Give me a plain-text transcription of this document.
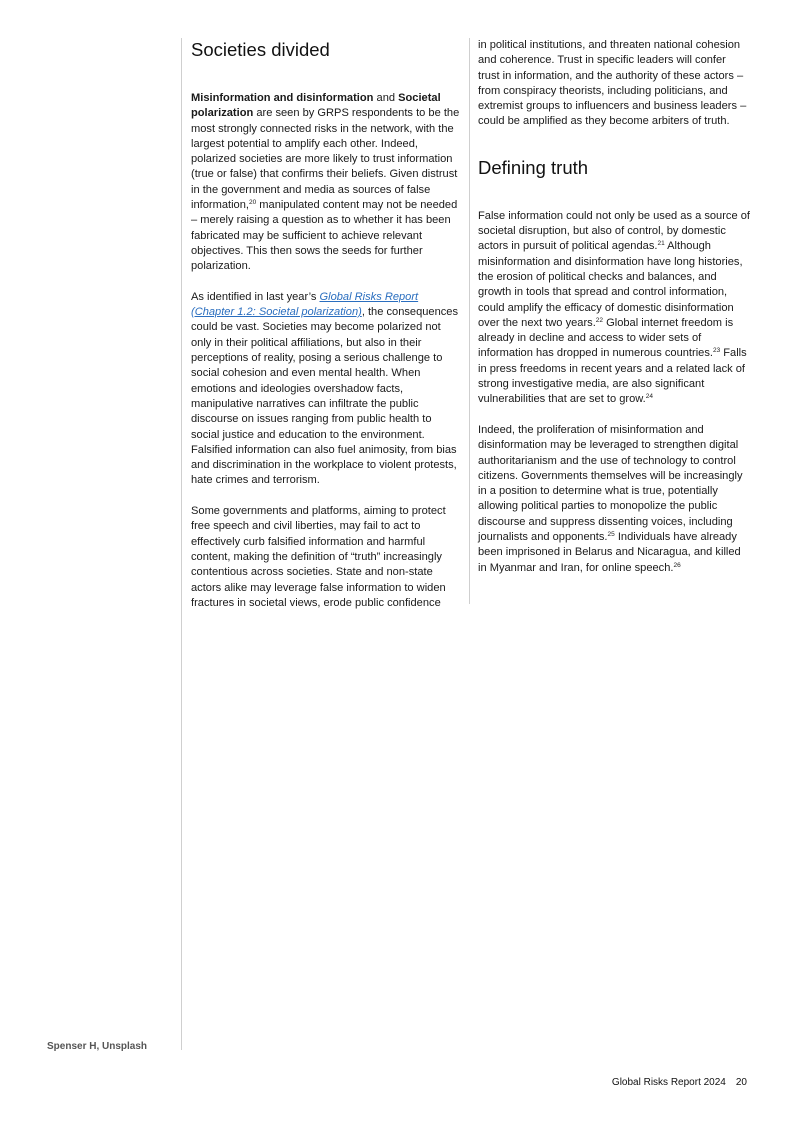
Societies divided

Misinformation and disinformation and Societal polarization are seen by GRPS respondents to be the most strongly connected risks in the network, with the largest potential to amplify each other. Indeed, polarized societies are more likely to trust information (true or false) that confirms their beliefs. Given distrust in the government and media as sources of false information,$^{20}$ manipulated content may not be needed – merely raising a question as to whether it has been fabricated may be sufficient to achieve relevant objectives. This then sows the seeds for further polarization.

As identified in last year’s Global Risks Report (Chapter 1.2: Societal polarization), the consequences could be vast. Societies may become polarized not only in their political affiliations, but also in their perceptions of reality, posing a serious challenge to social cohesion and even mental health. When emotions and ideologies overshadow facts, manipulative narratives can infiltrate the public discourse on issues ranging from public health to social justice and education to the environment. Falsified information can also fuel animosity, from bias and discrimination in the workplace to violent protests, hate crimes and terrorism.

Some governments and platforms, aiming to protect free speech and civil liberties, may fail to act to effectively curb falsified information and harmful content, making the definition of “truth” increasingly contentious across societies. State and non-state actors alike may leverage false information to widen fractures in societal views, erode public confidence

in political institutions, and threaten national cohesion and coherence. Trust in specific leaders will confer trust in information, and the authority of these actors – from conspiracy theorists, including politicians, and extremist groups to influencers and business leaders – could be amplified as they become arbiters of truth.

Defining truth

False information could not only be used as a source of societal disruption, but also of control, by domestic actors in pursuit of political agendas.$^{21}$ Although misinformation and disinformation have long histories, the erosion of political checks and balances, and growth in tools that spread and control information, could amplify the efficacy of domestic disinformation over the next two years.$^{22}$ Global internet freedom is already in decline and access to wider sets of information has dropped in numerous countries.$^{23}$ Falls in press freedoms in recent years and a related lack of strong investigative media, are also significant vulnerabilities that are set to grow.$^{24}$

Indeed, the proliferation of misinformation and disinformation may be leveraged to strengthen digital authoritarianism and the use of technology to control citizens. Governments themselves will be increasingly in a position to determine what is true, potentially allowing political parties to monopolize the public discourse and suppress dissenting voices, including journalists and opponents.$^{25}$ Individuals have already been imprisoned in Belarus and Nicaragua, and killed in Myanmar and Iran, for online speech.$^{26}$

Spenser H, Unsplash
Global Risks Report 2024 20
